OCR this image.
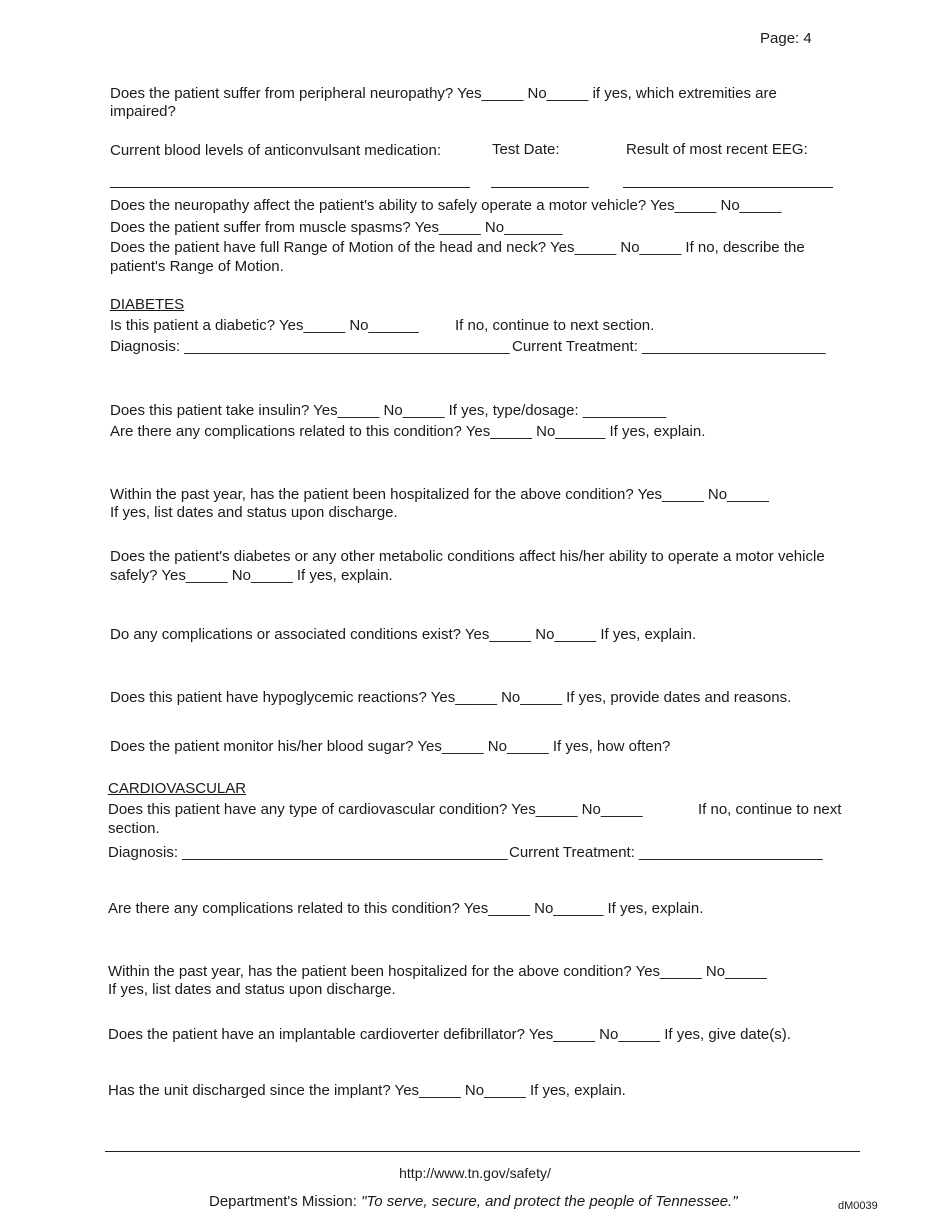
Page: 4
Does the patient suffer from peripheral neuropathy? Yes_____ No_____ if yes, which extremities are
impaired?
Current blood levels of anticonvulsant medication:	Test Date:	Result of most recent EEG:
Does the neuropathy affect the patient's ability to safely operate a motor vehicle? Yes_____ No_____
Does the patient suffer from muscle spasms? Yes_____ No_______
Does the patient have full Range of Motion of the head and neck? Yes_____ No_____ If no, describe the
patient's Range of Motion.
DIABETES
Is this patient a diabetic? Yes_____ No______ If no, continue to next section.
Diagnosis: _______________________________________ Current Treatment: ______________________
Does this patient take insulin? Yes_____ No_____ If yes, type/dosage: __________
Are there any complications related to this condition? Yes_____ No______ If yes, explain.
Within the past year, has the patient been hospitalized for the above condition? Yes_____ No_____
If yes, list dates and status upon discharge.
Does the patient's diabetes or any other metabolic conditions affect his/her ability to operate a motor vehicle
safely? Yes_____ No_____ If yes, explain.
Do any complications or associated conditions exist? Yes_____ No_____ If yes, explain.
Does this patient have hypoglycemic reactions? Yes_____ No_____ If yes, provide dates and reasons.
Does the patient monitor his/her blood sugar? Yes_____ No_____ If yes, how often?
CARDIOVASCULAR
Does this patient have any type of cardiovascular condition? Yes_____ No_____	If no, continue to next
section.
Diagnosis: _______________________________________ Current Treatment: ______________________
Are there any complications related to this condition? Yes_____ No______ If yes, explain.
Within the past year, has the patient been hospitalized for the above condition? Yes_____ No_____
If yes, list dates and status upon discharge.
Does the patient have an implantable cardioverter defibrillator? Yes_____ No_____ If yes, give date(s).
Has the unit discharged since the implant? Yes_____ No_____ If yes, explain.
http://www.tn.gov/safety/
Department's Mission: "To serve, secure, and protect the people of Tennessee."	dM0039
